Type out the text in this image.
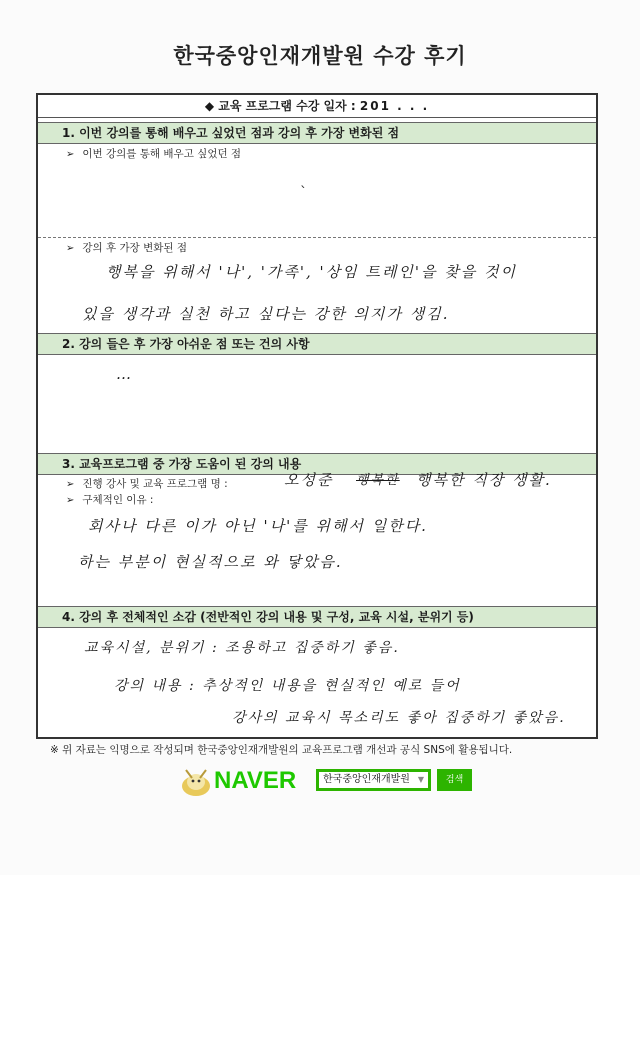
한국중앙인재개발원 수강 후기
◆ 교육 프로그램 수강 일자 : 201 . . .
1. 이번 강의를 통해 배우고 싶었던 점과 강의 후 가장 변화된 점
➢ 이번 강의를 통해 배우고 싶었던 점
`
➢ 강의 후 가장 변화된 점
행복을 위해서 '나', '가족', '상임 트레인'을 찾을 것이
있을 생각과 실천 하고 싶다는 강한 의지가 생김.
2. 강의 들은 후 가장 아쉬운 점 또는 건의 사항
…
3. 교육프로그램 중 가장 도움이 된 강의 내용
➢ 진행 강사 및 교육 프로그램 명 :	오성준 행복한 행복한 직장 생활.
➢ 구체적인 이유 :
회사나 다른 이가 아닌 '나'를 위해서 일한다.
하는 부분이 현실적으로 와 닿았음.
4. 강의 후 전체적인 소감 (전반적인 강의 내용 및 구성, 교육 시설, 분위기 등)
교육시설, 분위기 : 조용하고 집중하기 좋음.
강의 내용 : 추상적인 내용을 현실적인 예로 들어
강사의 교육시 목소리도 좋아 집중하기 좋았음.
※ 위 자료는 익명으로 작성되며 한국중앙인재개발원의 교육프로그램 개선과 공식 SNS에 활용됩니다.
NAVER	한국중앙인재개발원 ▼	검색
